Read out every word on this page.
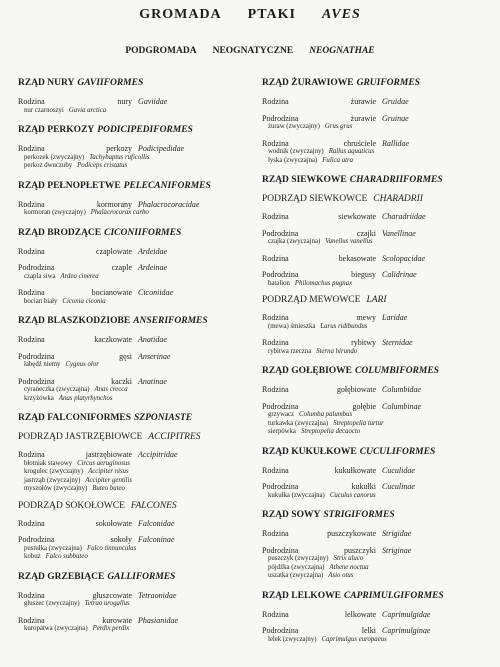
GROMADA PTAKI AVES
PODGROMADA NEOGNATYCZNE NEOGNATHAE
RZĄD NURY GAVIIFORMES
Rodzina	nury Gaviidae
nur czarnoszyi Gavia arctica
RZĄD PERKOZY PODICIPEDIFORMES
Rodzina	perkozy Podicipedidae
perkozek (zwyczajny) Tachybaptus ruficollis
perkoz dwuczuby Podiceps cristatus
RZĄD PEŁNOPŁETWE PELECANIFORMES
Rodzina	kormorany Phalacrocoracidae
kormoran (zwyczajny) Phalacrocorax carbo
RZĄD BRODZĄCE CICONIIFORMES
Rodzina	czaplowate Ardeidae
Podrodzina	czaple Ardeinae
czapla siwa Ardea cinerea
Rodzina	bocianowate Ciconiidae
bocian biały Ciconia ciconia
RZĄD BLASZKODZIOBE ANSERIFORMES
Rodzina	kaczkowate Anatidae
Podrodzina	gęsi Anserinae
łabędź niemy Cygnus olor
Podrodzina	kaczki Anatinae
cyraneczka (zwyczajna) Anas crecca
krzyżówka Anas platyrhynchos
RZĄD FALCONIFORMES SZPONIASTE
PODRZĄD JASTRZĘBIOWCE ACCIPITRES
Rodzina	jastrzębiowate Accipitridae
błotniak stawowy Circus aeruginosus
krogulec (zwyczajny) Accipiter nisus
jastrząb (zwyczajny) Accipiter gentilis
myszołów (zwyczajny) Buteo buteo
PODRZĄD SOKOŁOWCE FALCONES
Rodzina	sokołowate Falconidae
Podrodzina	sokoły Falconinae
pustułka (zwyczajna) Falco tinnunculus
kobuz Falco subbuteo
RZĄD GRZEBIĄCE GALLIFORMES
Rodzina	głuszcowate Tetraonidae
głuszec (zwyczajny) Tetrao urogallus
Rodzina	kurowate Phasianidae
kuropatwa (zwyczajna) Perdix perdix
RZĄD ŻURAWIOWE GRUIFORMES
Rodzina	żurawie Gruidae
Podrodzina	żurawie Gruinae
żuraw (zwyczajny) Grus grus
Rodzina	chruściele Rallidae
wodnik (zwyczajny) Rallus aquaticus
łyska (zwyczajna) Fulica atra
RZĄD SIEWKOWE CHARADRIIFORMES
PODRZĄD SIEWKOWCE CHARADRII
Rodzina	siewkowate Charadriidae
Podrodzina	czajki Vanellinae
czajka (zwyczajna) Vanellus vanellus
Rodzina	bekasowate Scolopacidae
Podrodzina	biegusy Calidrinae
batalion Philomachus pugnax
PODRZĄD MEWOWCE LARI
Rodzina	mewy Laridae
(mewa) śmieszka Larus ridibundus
Rodzina	rybitwy Sternidae
rybitwa rzeczna Sterna hirundo
RZĄD GOŁĘBIOWE COLUMBIFORMES
Rodzina	gołębiowate Columbidae
Podrodzina	gołębie Columbinae
grzywacz Columba palumbus
turkawka (zwyczajna) Streptopelia turtur
sierpówka Streptopelia decaocto
RZĄD KUKUŁKOWE CUCULIFORMES
Rodzina	kukułkowate Cuculidae
Podrodzina	kukułki Cuculinae
kukułka (zwyczajna) Cuculus canorus
RZĄD SOWY STRIGIFORMES
Rodzina	puszczykowate Strigidae
Podrodzina	puszczyki Striginae
puszczyk (zwyczajny) Strix aluco
pójdźka (zwyczajna) Athene noctua
uszatka (zwyczajna) Asio otus
RZĄD LELKOWE CAPRIMULGIFORMES
Rodzina	lelkowate Caprimulgidae
Podrodzina	lelki Caprimulginae
lelek (zwyczajny) Caprimulgus europaeus
